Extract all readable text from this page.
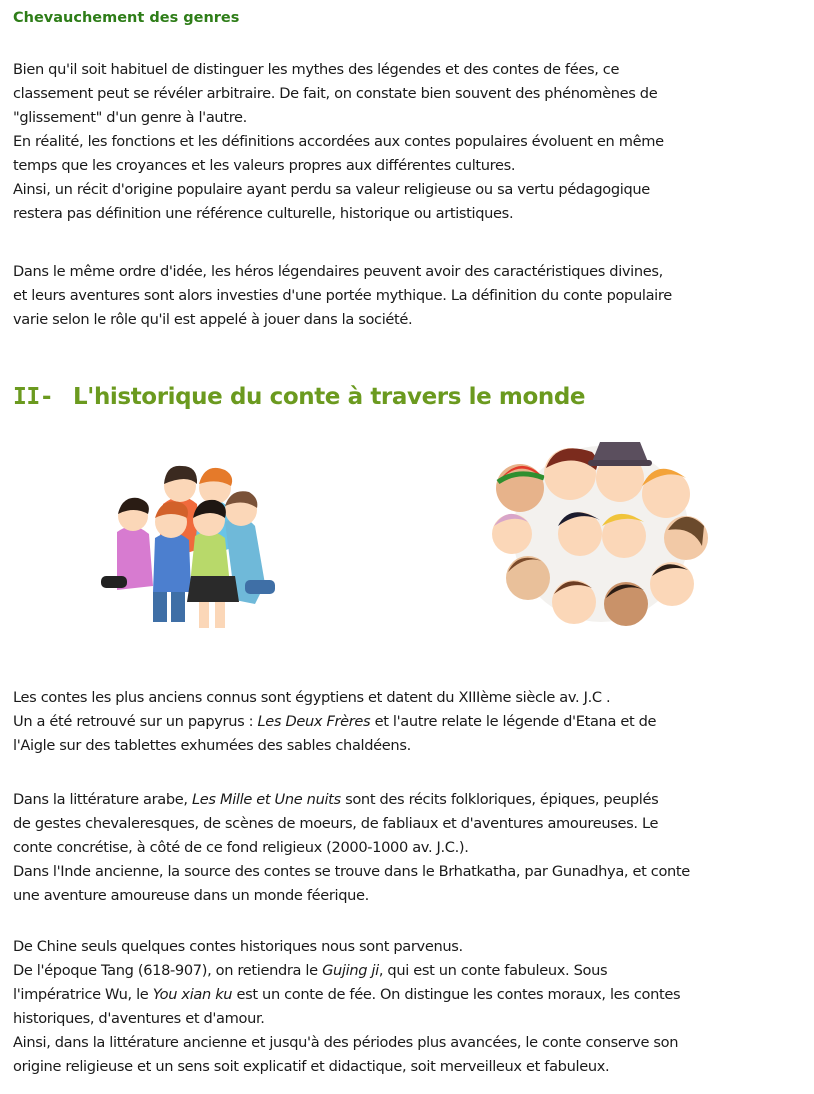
Chevauchement des genres

Bien qu'il soit habituel de distinguer les mythes des légendes et des contes de fées, ce
classement peut se révéler arbitraire. De fait, on constate bien souvent des phénomènes de
"glissement" d'un genre à l'autre.
En réalité, les fonctions et les définitions accordées aux contes populaires évoluent en même
temps que les croyances et les valeurs propres aux différentes cultures.
Ainsi, un récit d'origine populaire ayant perdu sa valeur religieuse ou sa vertu pédagogique
restera pas définition une référence culturelle, historique ou artistiques.

Dans le même ordre d'idée, les héros légendaires peuvent avoir des caractéristiques divines,
et leurs aventures sont alors investies d'une portée mythique. La définition du conte populaire
varie selon le rôle qu'il est appelé à jouer dans la société.

II- L'historique du conte à travers le monde

Les contes les plus anciens connus sont égyptiens et datent du XIIIème siècle av. J.C .
Un a été retrouvé sur un papyrus : Les Deux Frères et l'autre relate le légende d'Etana et de
l'Aigle sur des tablettes exhumées des sables chaldéens.

Dans la littérature arabe, Les Mille et Une nuits sont des récits folkloriques, épiques, peuplés
de gestes chevaleresques, de scènes de moeurs, de fabliaux et d'aventures amoureuses. Le
conte concrétise, à côté de ce fond religieux (2000-1000 av. J.C.).
Dans l'Inde ancienne, la source des contes se trouve dans le Brhatkatha, par Gunadhya, et conte
une aventure amoureuse dans un monde féerique.

De Chine seuls quelques contes historiques nous sont parvenus.
De l'époque Tang (618-907), on retiendra le Gujing ji, qui est un conte fabuleux. Sous
l'impératrice Wu, le You xian ku est un conte de fée. On distingue les contes moraux, les contes
historiques, d'aventures et d'amour.
Ainsi, dans la littérature ancienne et jusqu'à des périodes plus avancées, le conte conserve son
origine religieuse et un sens soit explicatif et didactique, soit merveilleux et fabuleux.
